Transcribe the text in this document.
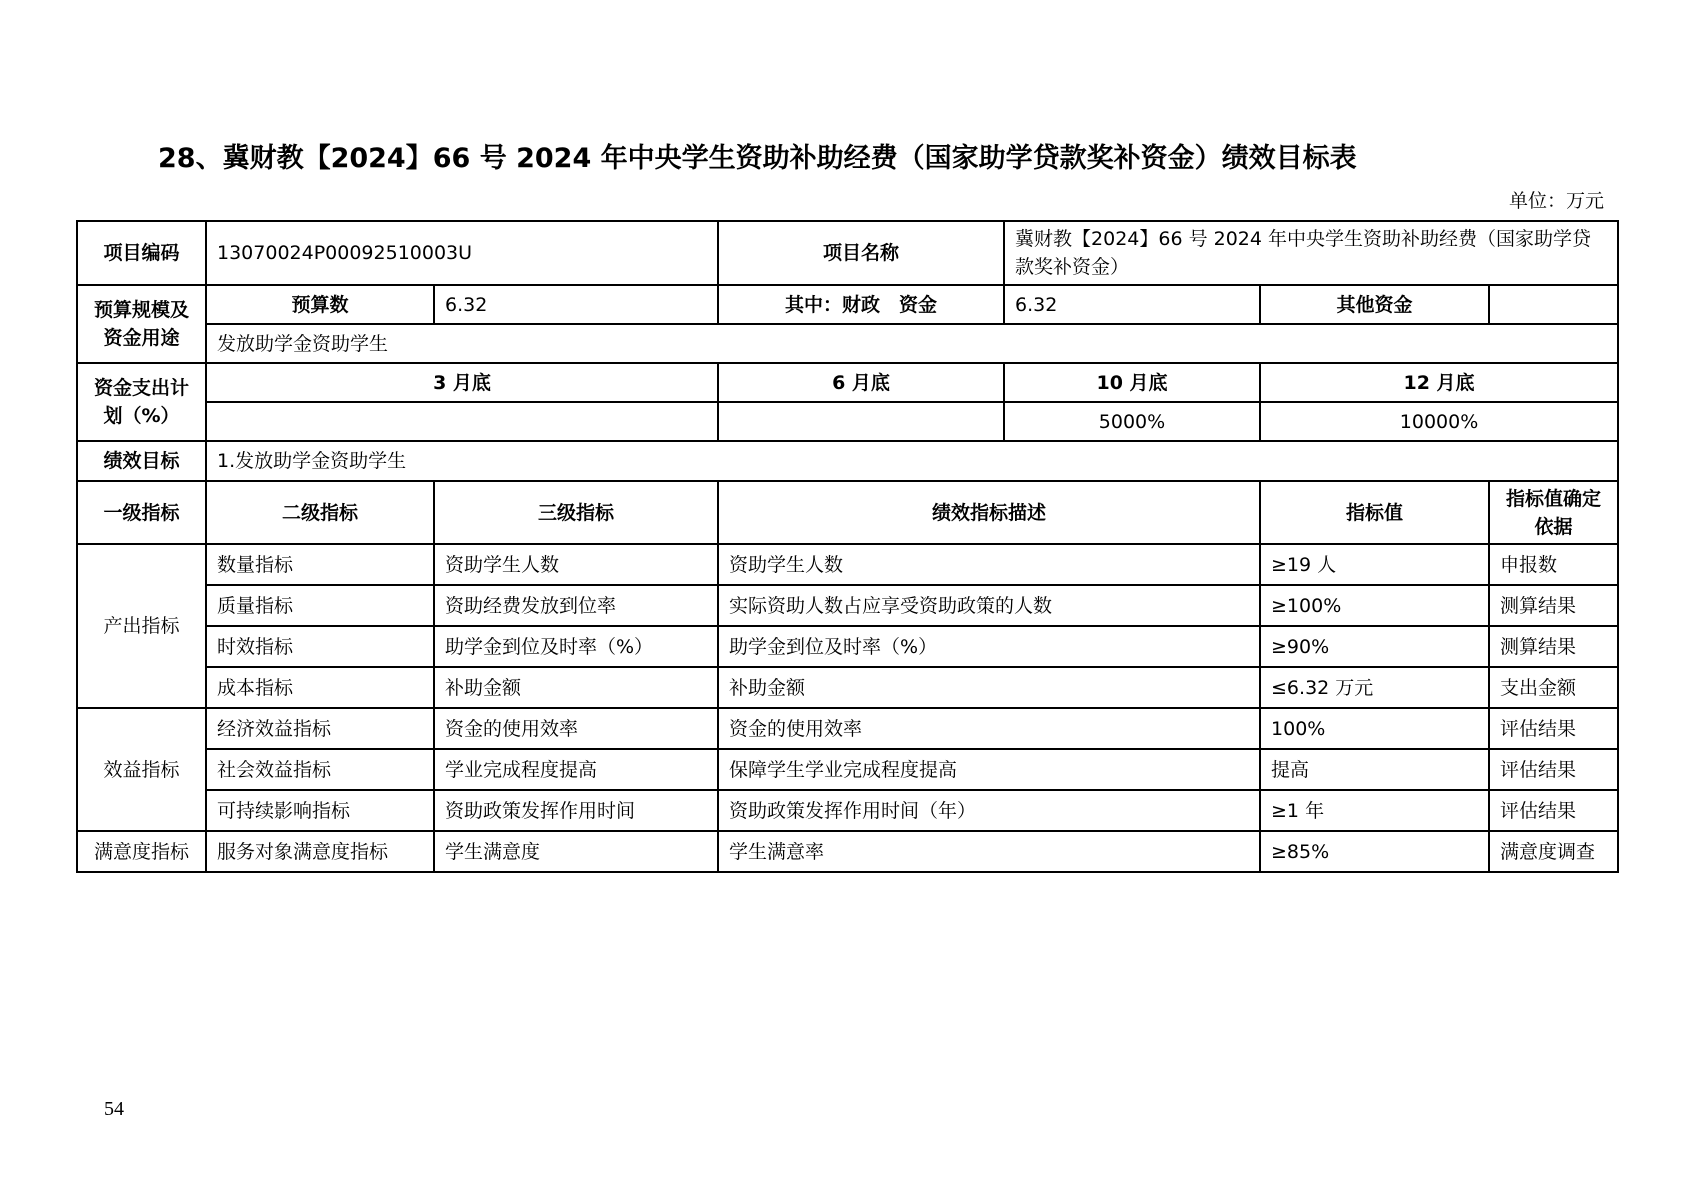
28、冀财教【2024】66 号 2024 年中央学生资助补助经费（国家助学贷款奖补资金）绩效目标表
单位：万元
项目编码	13070024P00092510003U		项目名称	冀财教【2024】66 号 2024 年中央学生资助补助经费（国家助学贷款奖补资金）		
预算规模及资金用途	预算数	6.32	其中：财政　资金	6.32	其他资金	
	发放助学金资助学生					
资金支出计划（%）	3 月底		6 月底	10 月底	12 月底	
				5000%	10000%	
绩效目标	1.发放助学金资助学生					
一级指标	二级指标	三级指标	绩效指标描述		指标值	指标值确定依据
产出指标	数量指标	资助学生人数	资助学生人数		≥19 人	申报数
	质量指标	资助经费发放到位率	实际资助人数占应享受资助政策的人数		≥100%	测算结果
	时效指标	助学金到位及时率（%）	助学金到位及时率（%）		≥90%	测算结果
	成本指标	补助金额	补助金额		≤6.32 万元	支出金额
效益指标	经济效益指标	资金的使用效率	资金的使用效率		100%	评估结果
	社会效益指标	学业完成程度提高	保障学生学业完成程度提高		提高	评估结果
	可持续影响指标	资助政策发挥作用时间	资助政策发挥作用时间（年）		≥1 年	评估结果
满意度指标	服务对象满意度指标	学生满意度	学生满意率		≥85%	满意度调查
54
